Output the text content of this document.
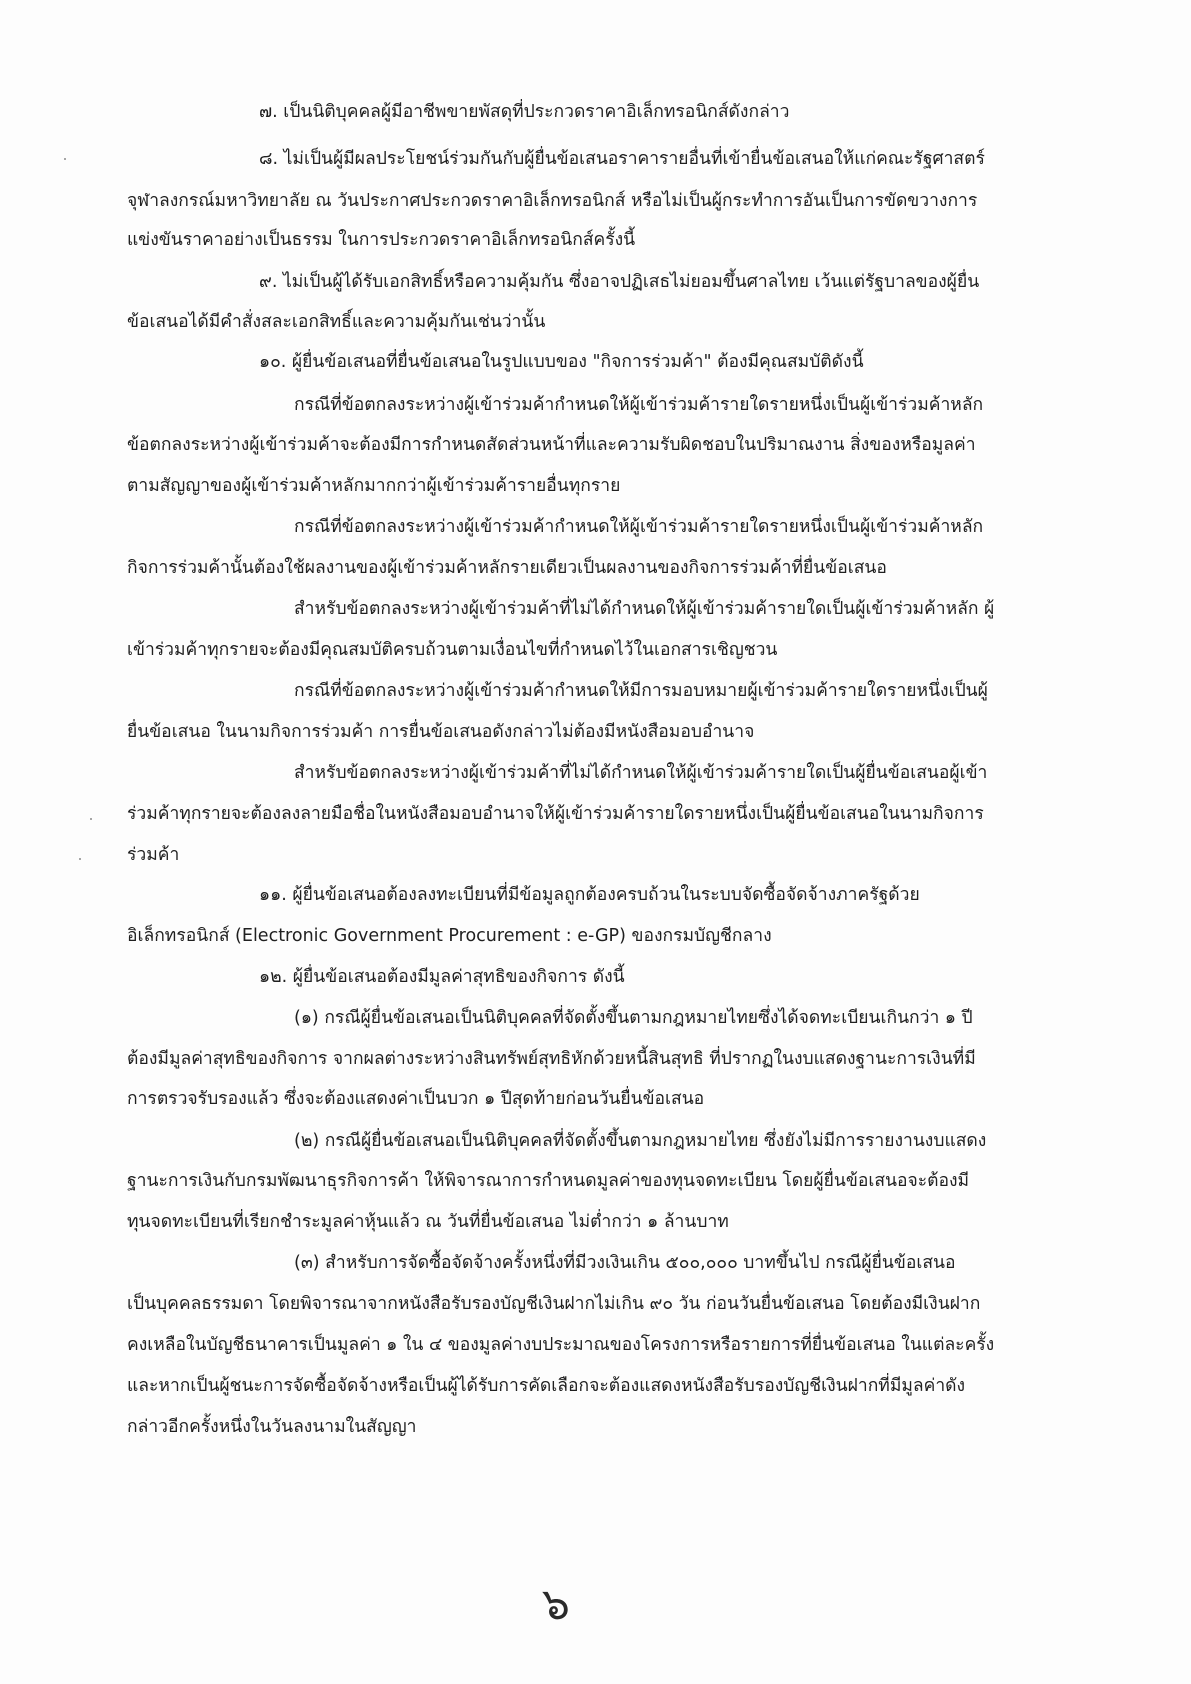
๗. เป็นนิติบุคคลผู้มีอาชีพขายพัสดุที่ประกวดราคาอิเล็กทรอนิกส์ดังกล่าว
๘. ไม่เป็นผู้มีผลประโยชน์ร่วมกันกับผู้ยื่นข้อเสนอราคารายอื่นที่เข้ายื่นข้อเสนอให้แก่คณะรัฐศาสตร์
จุฬาลงกรณ์มหาวิทยาลัย ณ วันประกาศประกวดราคาอิเล็กทรอนิกส์ หรือไม่เป็นผู้กระทำการอันเป็นการขัดขวางการ
แข่งขันราคาอย่างเป็นธรรม ในการประกวดราคาอิเล็กทรอนิกส์ครั้งนี้
๙. ไม่เป็นผู้ได้รับเอกสิทธิ์หรือความคุ้มกัน ซึ่งอาจปฏิเสธไม่ยอมขึ้นศาลไทย เว้นแต่รัฐบาลของผู้ยื่น
ข้อเสนอได้มีคำสั่งสละเอกสิทธิ์และความคุ้มกันเช่นว่านั้น
๑๐. ผู้ยื่นข้อเสนอที่ยื่นข้อเสนอในรูปแบบของ "กิจการร่วมค้า" ต้องมีคุณสมบัติดังนี้
กรณีที่ข้อตกลงระหว่างผู้เข้าร่วมค้ากำหนดให้ผู้เข้าร่วมค้ารายใดรายหนึ่งเป็นผู้เข้าร่วมค้าหลัก
ข้อตกลงระหว่างผู้เข้าร่วมค้าจะต้องมีการกำหนดสัดส่วนหน้าที่และความรับผิดชอบในปริมาณงาน สิ่งของหรือมูลค่า
ตามสัญญาของผู้เข้าร่วมค้าหลักมากกว่าผู้เข้าร่วมค้ารายอื่นทุกราย
กรณีที่ข้อตกลงระหว่างผู้เข้าร่วมค้ากำหนดให้ผู้เข้าร่วมค้ารายใดรายหนึ่งเป็นผู้เข้าร่วมค้าหลัก
กิจการร่วมค้านั้นต้องใช้ผลงานของผู้เข้าร่วมค้าหลักรายเดียวเป็นผลงานของกิจการร่วมค้าที่ยื่นข้อเสนอ
สำหรับข้อตกลงระหว่างผู้เข้าร่วมค้าที่ไม่ได้กำหนดให้ผู้เข้าร่วมค้ารายใดเป็นผู้เข้าร่วมค้าหลัก ผู้
เข้าร่วมค้าทุกรายจะต้องมีคุณสมบัติครบถ้วนตามเงื่อนไขที่กำหนดไว้ในเอกสารเชิญชวน
กรณีที่ข้อตกลงระหว่างผู้เข้าร่วมค้ากำหนดให้มีการมอบหมายผู้เข้าร่วมค้ารายใดรายหนึ่งเป็นผู้
ยื่นข้อเสนอ ในนามกิจการร่วมค้า การยื่นข้อเสนอดังกล่าวไม่ต้องมีหนังสือมอบอำนาจ
สำหรับข้อตกลงระหว่างผู้เข้าร่วมค้าที่ไม่ได้กำหนดให้ผู้เข้าร่วมค้ารายใดเป็นผู้ยื่นข้อเสนอผู้เข้า
ร่วมค้าทุกรายจะต้องลงลายมือชื่อในหนังสือมอบอำนาจให้ผู้เข้าร่วมค้ารายใดรายหนึ่งเป็นผู้ยื่นข้อเสนอในนามกิจการ
ร่วมค้า
๑๑. ผู้ยื่นข้อเสนอต้องลงทะเบียนที่มีข้อมูลถูกต้องครบถ้วนในระบบจัดซื้อจัดจ้างภาครัฐด้วย
อิเล็กทรอนิกส์ (Electronic Government Procurement : e-GP) ของกรมบัญชีกลาง
๑๒. ผู้ยื่นข้อเสนอต้องมีมูลค่าสุทธิของกิจการ ดังนี้
(๑) กรณีผู้ยื่นข้อเสนอเป็นนิติบุคคลที่จัดตั้งขึ้นตามกฎหมายไทยซึ่งได้จดทะเบียนเกินกว่า ๑ ปี
ต้องมีมูลค่าสุทธิของกิจการ จากผลต่างระหว่างสินทรัพย์สุทธิหักด้วยหนี้สินสุทธิ ที่ปรากฏในงบแสดงฐานะการเงินที่มี
การตรวจรับรองแล้ว ซึ่งจะต้องแสดงค่าเป็นบวก ๑ ปีสุดท้ายก่อนวันยื่นข้อเสนอ
(๒) กรณีผู้ยื่นข้อเสนอเป็นนิติบุคคลที่จัดตั้งขึ้นตามกฎหมายไทย ซึ่งยังไม่มีการรายงานงบแสดง
ฐานะการเงินกับกรมพัฒนาธุรกิจการค้า ให้พิจารณาการกำหนดมูลค่าของทุนจดทะเบียน โดยผู้ยื่นข้อเสนอจะต้องมี
ทุนจดทะเบียนที่เรียกชำระมูลค่าหุ้นแล้ว ณ วันที่ยื่นข้อเสนอ ไม่ต่ำกว่า ๑ ล้านบาท
(๓) สำหรับการจัดซื้อจัดจ้างครั้งหนึ่งที่มีวงเงินเกิน ๕๐๐,๐๐๐ บาทขึ้นไป กรณีผู้ยื่นข้อเสนอ
เป็นบุคคลธรรมดา โดยพิจารณาจากหนังสือรับรองบัญชีเงินฝากไม่เกิน ๙๐ วัน ก่อนวันยื่นข้อเสนอ โดยต้องมีเงินฝาก
คงเหลือในบัญชีธนาคารเป็นมูลค่า ๑ ใน ๔ ของมูลค่างบประมาณของโครงการหรือรายการที่ยื่นข้อเสนอ ในแต่ละครั้ง
และหากเป็นผู้ชนะการจัดซื้อจัดจ้างหรือเป็นผู้ได้รับการคัดเลือกจะต้องแสดงหนังสือรับรองบัญชีเงินฝากที่มีมูลค่าดัง
กล่าวอีกครั้งหนึ่งในวันลงนามในสัญญา
๖
